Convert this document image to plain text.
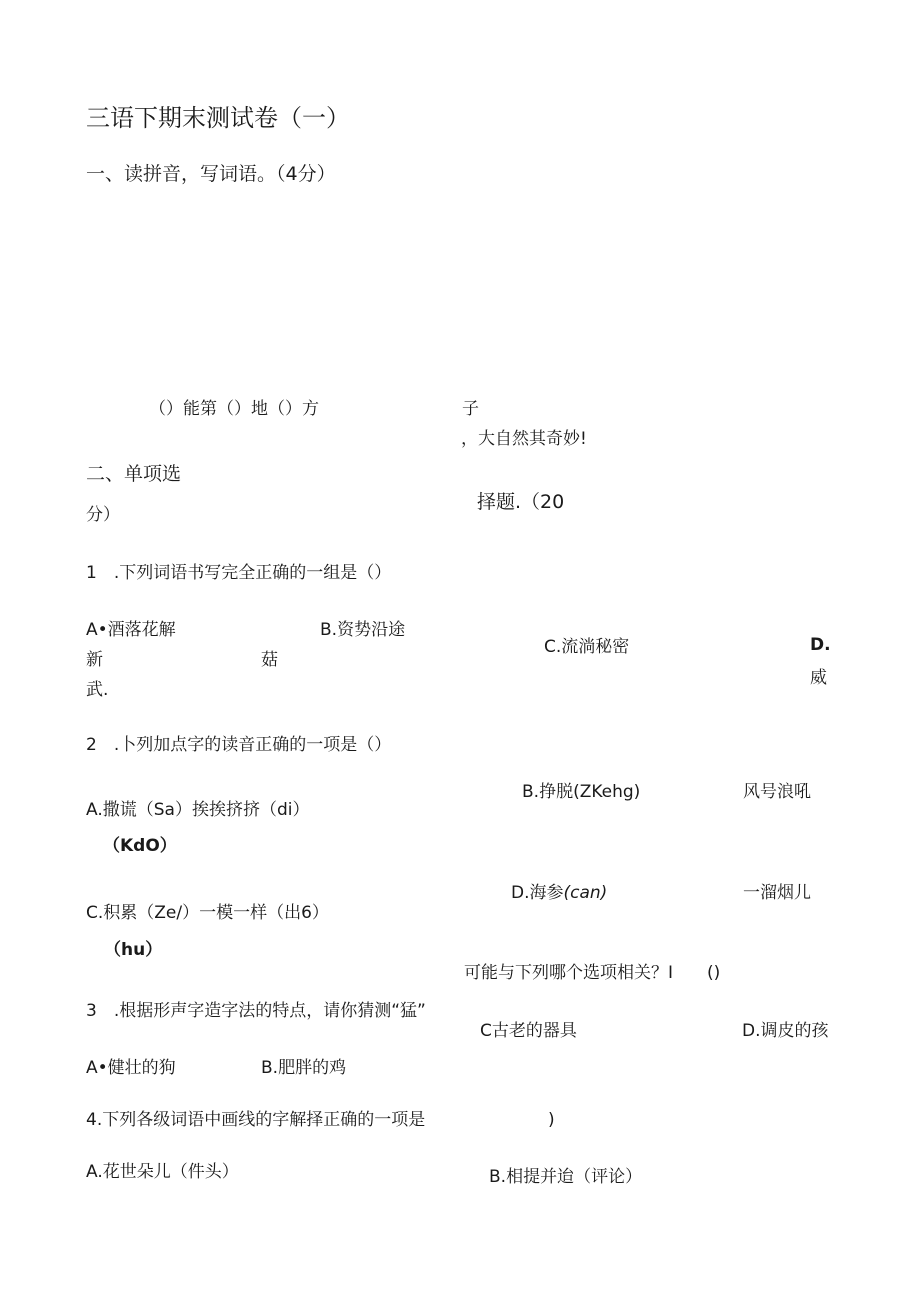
三语下期末测试卷（一）
一、读拼音，写词语。（4分）
（）能第（）地（）方	子
，大自然其奇妙!
二、单项选
择题.（20
分）
1　.下列词语书写完全正确的一组是（）
A•酒落花解	B.资势沿途
C.流淌秘密	D.
新	菇
武.
威
2　.卜列加点字的读音正确的一项是（）
A.撒谎（Sa）挨挨挤挤（di）
（KdO）
B.挣脱(ZKehg)	风号浪吼
C.积累（Ze/）一模一样（出6）
（hu）
D.海参(can)	一溜烟儿
可能与下列哪个选项相关？I ()
3　.根据形声字造字法的特点，请你猜测“猛”
C古老的器具	D.调皮的孩
A•健壮的狗	B.肥胖的鸡
4.下列各级词语中画线的字解择正确的一项是	)
A.花世朵儿（件头）	B.相提并迨（评论）
